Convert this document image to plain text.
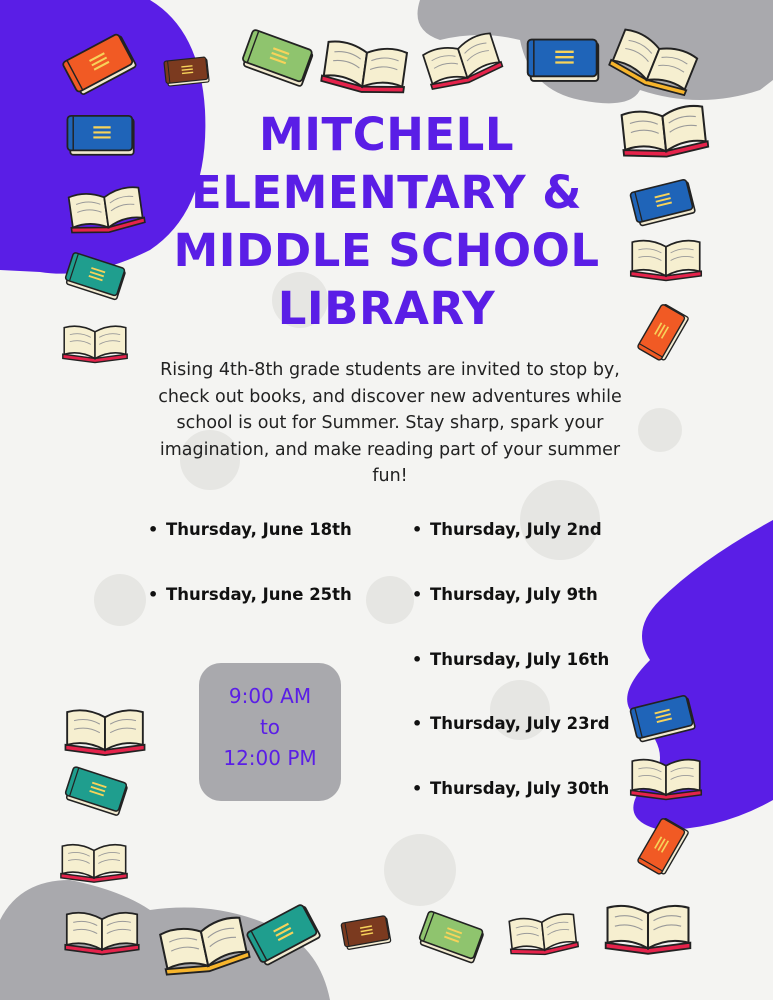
MITCHELL
ELEMENTARY &
MIDDLE SCHOOL
LIBRARY

Rising 4th-8th grade students are invited to stop by, check out books, and discover new adventures while school is out for Summer. Stay sharp, spark your imagination, and make reading part of your summer fun!

• Thursday, June 18th
• Thursday, June 25th
• Thursday, July 2nd
• Thursday, July 9th
• Thursday, July 16th
• Thursday, July 23rd
• Thursday, July 30th

9:00 AM
to
12:00 PM
